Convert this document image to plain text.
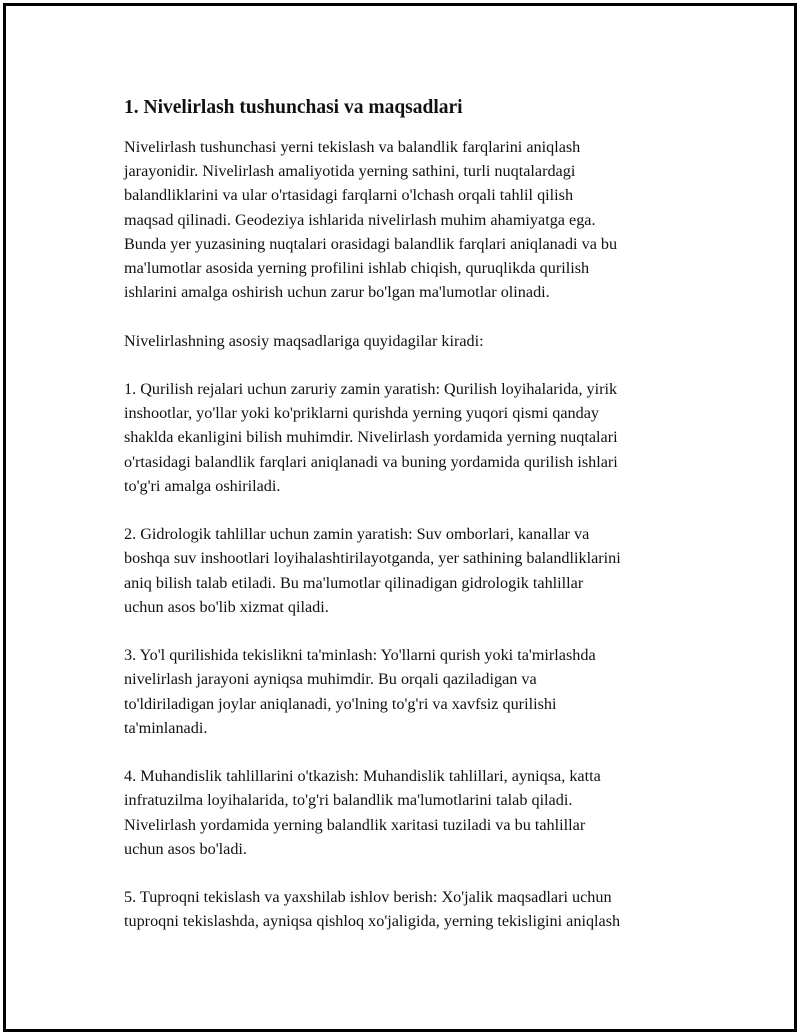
1. Nivelirlash tushunchasi va maqsadlari
Nivelirlash tushunchasi yerni tekislash va balandlik farqlarini aniqlash
jarayonidir. Nivelirlash amaliyotida yerning sathini, turli nuqtalardagi
balandliklarini va ular o'rtasidagi farqlarni o'lchash orqali tahlil qilish
maqsad qilinadi. Geodeziya ishlarida nivelirlash muhim ahamiyatga ega.
Bunda yer yuzasining nuqtalari orasidagi balandlik farqlari aniqlanadi va bu
ma'lumotlar asosida yerning profilini ishlab chiqish, quruqlikda qurilish
ishlarini amalga oshirish uchun zarur bo'lgan ma'lumotlar olinadi.
Nivelirlashning asosiy maqsadlariga quyidagilar kiradi:
1. Qurilish rejalari uchun zaruriy zamin yaratish: Qurilish loyihalarida, yirik
inshootlar, yo'llar yoki ko'priklarni qurishda yerning yuqori qismi qanday
shaklda ekanligini bilish muhimdir. Nivelirlash yordamida yerning nuqtalari
o'rtasidagi balandlik farqlari aniqlanadi va buning yordamida qurilish ishlari
to'g'ri amalga oshiriladi.
2. Gidrologik tahlillar uchun zamin yaratish: Suv omborlari, kanallar va
boshqa suv inshootlari loyihalashtirilayotganda, yer sathining balandliklarini
aniq bilish talab etiladi. Bu ma'lumotlar qilinadigan gidrologik tahlillar
uchun asos bo'lib xizmat qiladi.
3. Yo'l qurilishida tekislikni ta'minlash: Yo'llarni qurish yoki ta'mirlashda
nivelirlash jarayoni ayniqsa muhimdir. Bu orqali qaziladigan va
to'ldiriladigan joylar aniqlanadi, yo'lning to'g'ri va xavfsiz qurilishi
ta'minlanadi.
4. Muhandislik tahlillarini o'tkazish: Muhandislik tahlillari, ayniqsa, katta
infratuzilma loyihalarida, to'g'ri balandlik ma'lumotlarini talab qiladi.
Nivelirlash yordamida yerning balandlik xaritasi tuziladi va bu tahlillar
uchun asos bo'ladi.
5. Tuproqni tekislash va yaxshilab ishlov berish: Xo'jalik maqsadlari uchun
tuproqni tekislashda, ayniqsa qishloq xo'jaligida, yerning tekisligini aniqlash
